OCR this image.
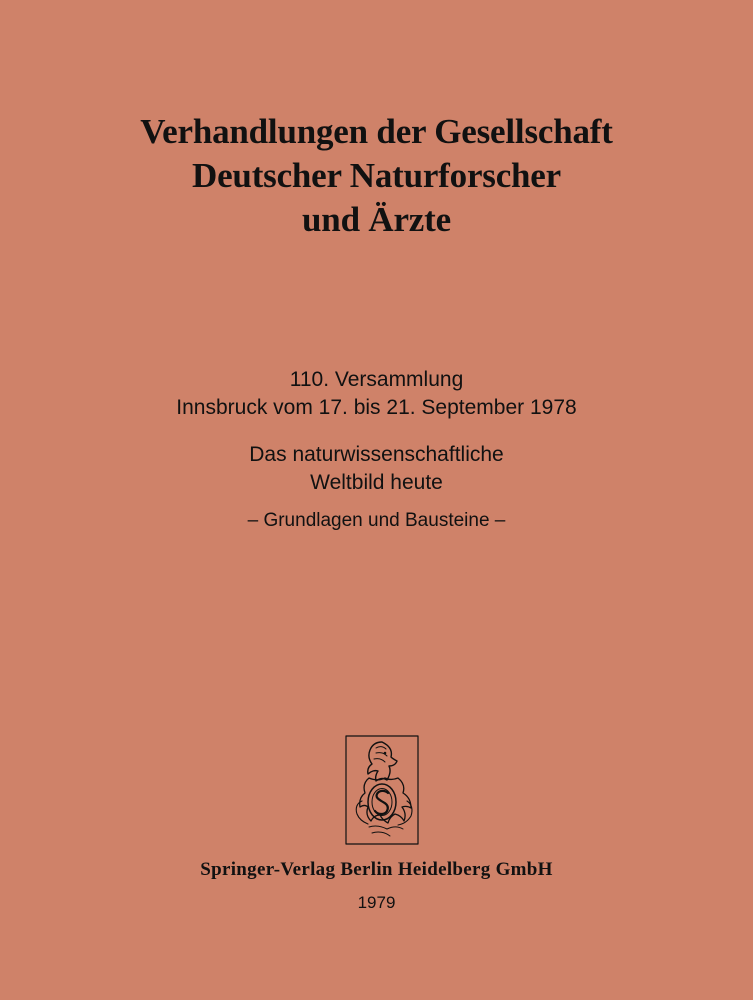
Verhandlungen der Gesellschaft
Deutscher Naturforscher
und Ärzte
110. Versammlung
Innsbruck vom 17. bis 21. September 1978
Das naturwissenschaftliche
Weltbild heute
– Grundlagen und Bausteine –
Springer-Verlag Berlin Heidelberg GmbH
1979
